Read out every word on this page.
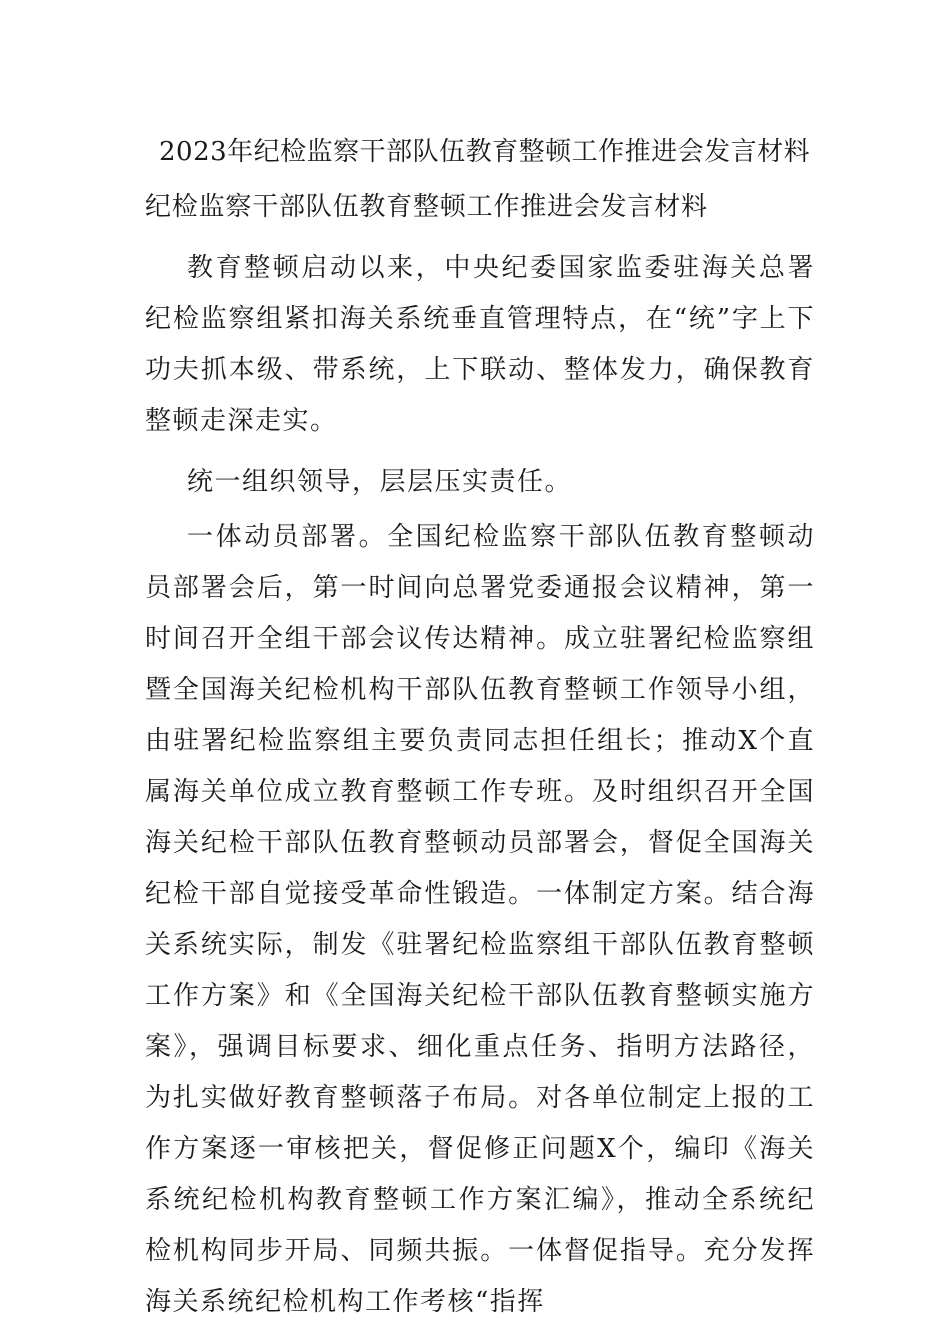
2023年纪检监察干部队伍教育整顿工作推进会发言材料

纪检监察干部队伍教育整顿工作推进会发言材料

教育整顿启动以来，中央纪委国家监委驻海关总署纪检监察组紧扣海关系统垂直管理特点，在“统”字上下功夫抓本级、带系统，上下联动、整体发力，确保教育整顿走深走实。

统一组织领导，层层压实责任。

一体动员部署。全国纪检监察干部队伍教育整顿动员部署会后，第一时间向总署党委通报会议精神，第一时间召开全组干部会议传达精神。成立驻署纪检监察组暨全国海关纪检机构干部队伍教育整顿工作领导小组，由驻署纪检监察组主要负责同志担任组长；推动X个直属海关单位成立教育整顿工作专班。及时组织召开全国海关纪检干部队伍教育整顿动员部署会，督促全国海关纪检干部自觉接受革命性锻造。一体制定方案。结合海关系统实际，制发《驻署纪检监察组干部队伍教育整顿工作方案》和《全国海关纪检干部队伍教育整顿实施方案》，强调目标要求、细化重点任务、指明方法路径，为扎实做好教育整顿落子布局。对各单位制定上报的工作方案逐一审核把关，督促修正问题X个，编印《海关系统纪检机构教育整顿工作方案汇编》，推动全系统纪检机构同步开局、同频共振。一体督促指导。充分发挥海关系统纪检机构工作考核“指挥
